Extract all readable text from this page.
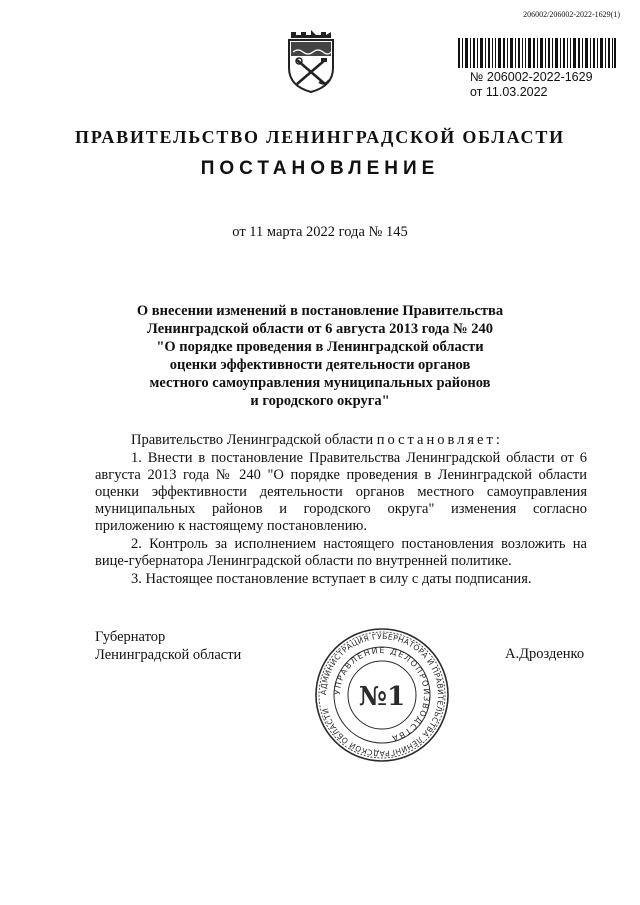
206002/206002-2022-1629(1)
№ 206002-2022-1629
от 11.03.2022
ПРАВИТЕЛЬСТВО ЛЕНИНГРАДСКОЙ ОБЛАСТИ
ПОСТАНОВЛЕНИЕ
от 11 марта 2022 года № 145
О внесении изменений в постановление Правительства
Ленинградской области от 6 августа 2013 года № 240
"О порядке проведения в Ленинградской области
оценки эффективности деятельности органов
местного самоуправления муниципальных районов
и городского округа"
Правительство Ленинградской области постановляет:
1. Внести в постановление Правительства Ленинградской области от 6 августа 2013 года № 240 "О порядке проведения в Ленинградской области оценки эффективности деятельности органов местного самоуправления муниципальных районов и городского округа" изменения согласно приложению к настоящему постановлению.
2. Контроль за исполнением настоящего постановления возложить на вице-губернатора Ленинградской области по внутренней политике.
3. Настоящее постановление вступает в силу с даты подписания.
Губернатор
Ленинградской области	А.Дрозденко
АДМИНИСТРАЦИЯ ГУБЕРНАТОРА И ПРАВИТЕЛЬСТВА ЛЕНИНГРАДСКОЙ ОБЛАСТИ
УПРАВЛЕНИЕ ДЕЛОПРОИЗВОДСТВА
№1
